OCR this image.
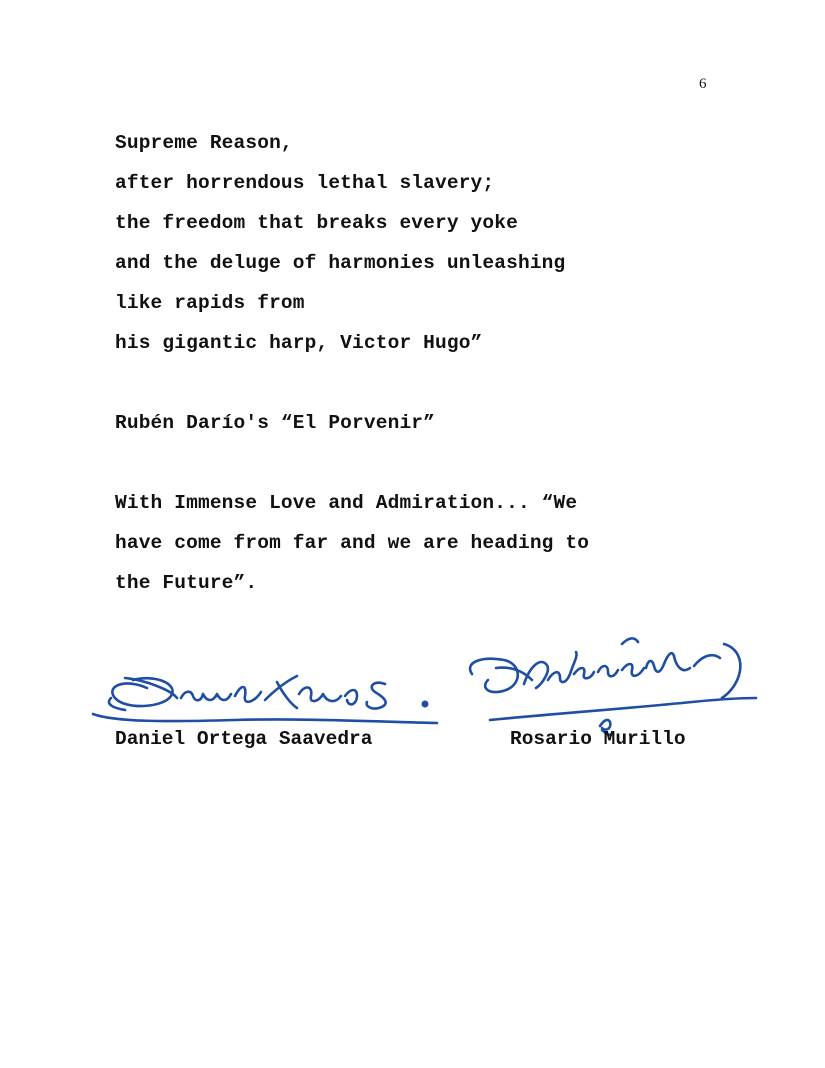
6
Supreme Reason,
after horrendous lethal slavery;
the freedom that breaks every yoke
and the deluge of harmonies unleashing
like rapids from
his gigantic harp, Victor Hugo”
Rubén Darío's “El Porvenir”
With Immense Love and Admiration... “We
have come from far and we are heading to
the Future”.
Daniel Ortega Saavedra	Rosario Murillo
